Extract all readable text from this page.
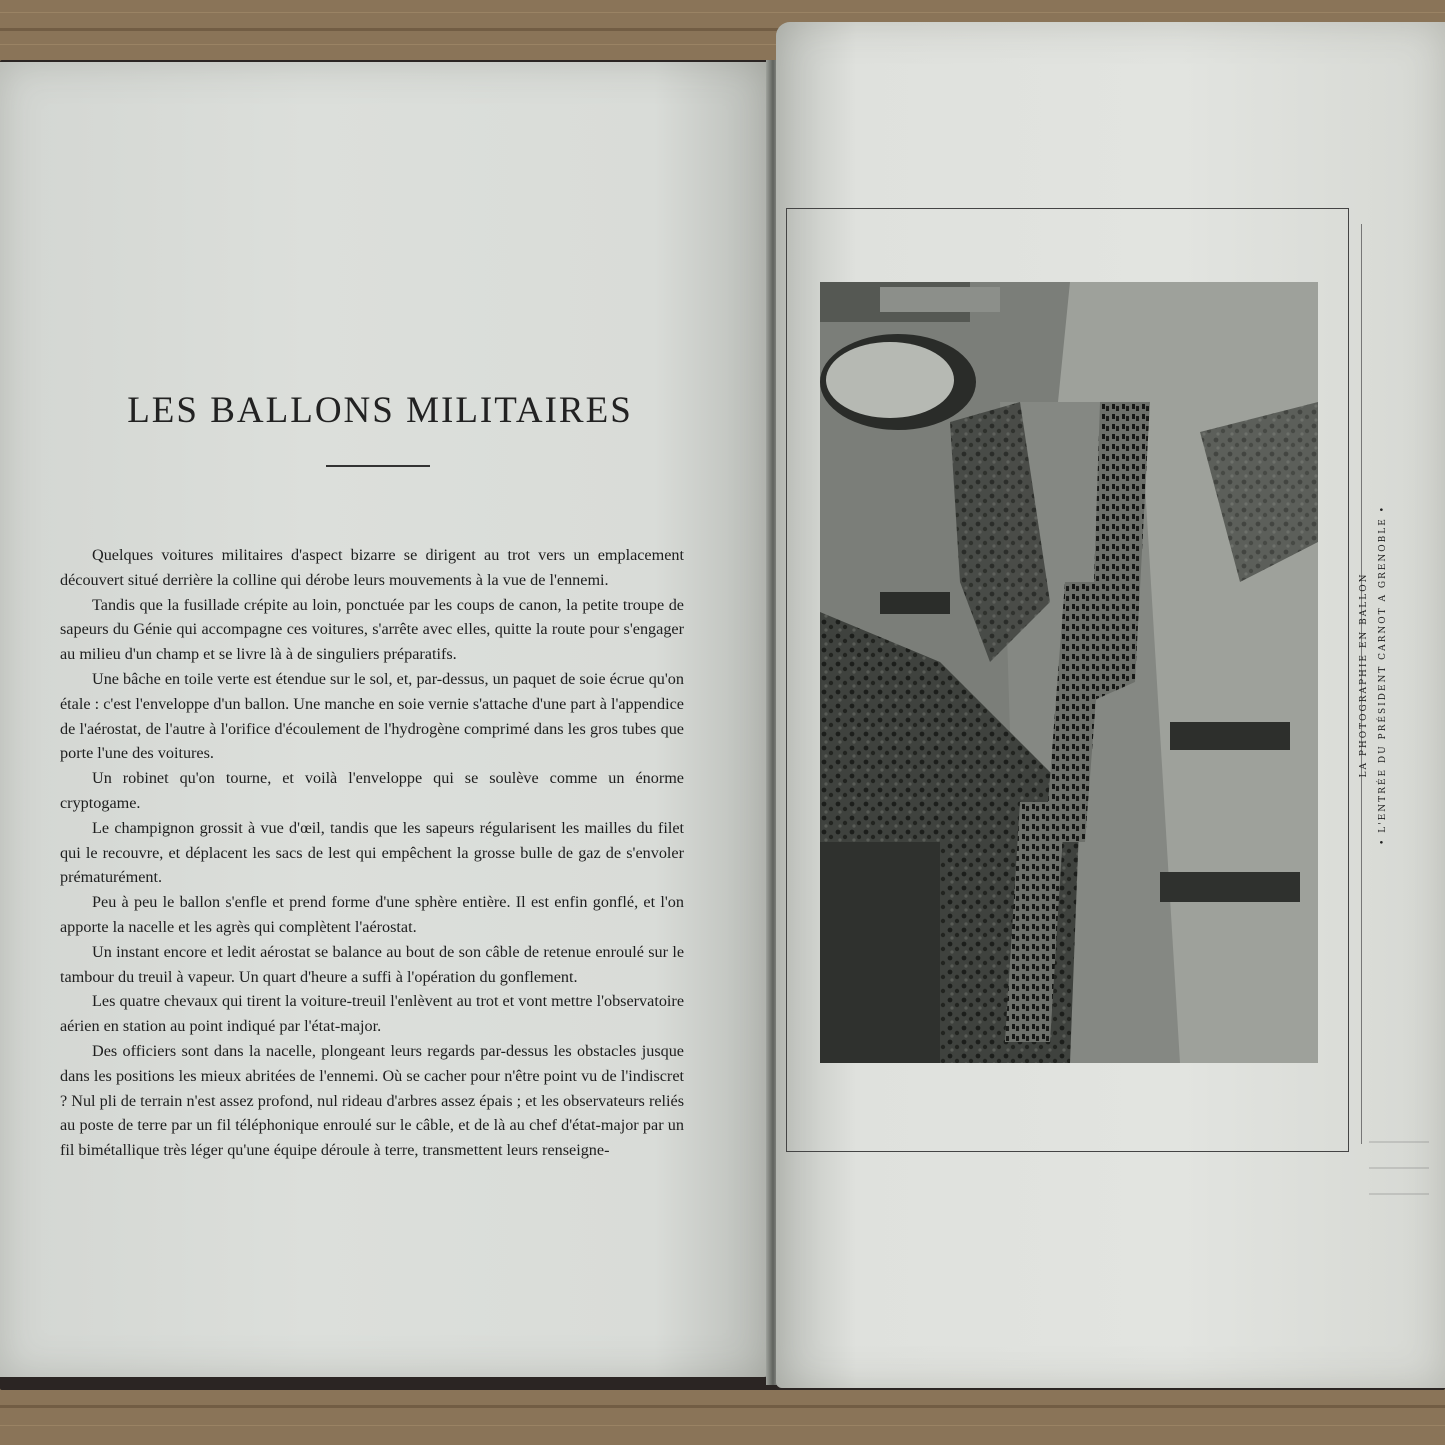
LES BALLONS MILITAIRES

Quelques voitures militaires d'aspect bizarre se dirigent au trot vers un emplacement découvert situé derrière la colline qui dérobe leurs mouvements à la vue de l'ennemi.

Tandis que la fusillade crépite au loin, ponctuée par les coups de canon, la petite troupe de sapeurs du Génie qui accompagne ces voitures, s'arrête avec elles, quitte la route pour s'engager au milieu d'un champ et se livre là à de singuliers préparatifs.

Une bâche en toile verte est étendue sur le sol, et, par-dessus, un paquet de soie écrue qu'on étale : c'est l'enveloppe d'un ballon. Une manche en soie vernie s'attache d'une part à l'appendice de l'aérostat, de l'autre à l'orifice d'écoulement de l'hydrogène comprimé dans les gros tubes que porte l'une des voitures.

Un robinet qu'on tourne, et voilà l'enveloppe qui se soulève comme un énorme cryptogame.

Le champignon grossit à vue d'œil, tandis que les sapeurs régularisent les mailles du filet qui le recouvre, et déplacent les sacs de lest qui empêchent la grosse bulle de gaz de s'envoler prématurément.

Peu à peu le ballon s'enfle et prend forme d'une sphère entière. Il est enfin gonflé, et l'on apporte la nacelle et les agrès qui complètent l'aérostat.

Un instant encore et ledit aérostat se balance au bout de son câble de retenue enroulé sur le tambour du treuil à vapeur. Un quart d'heure a suffi à l'opération du gonflement.

Les quatre chevaux qui tirent la voiture-treuil l'enlèvent au trot et vont mettre l'observatoire aérien en station au point indiqué par l'état-major.

Des officiers sont dans la nacelle, plongeant leurs regards par-dessus les obstacles jusque dans les positions les mieux abritées de l'ennemi. Où se cacher pour n'être point vu de l'indiscret ? Nul pli de terrain n'est assez profond, nul rideau d'arbres assez épais ; et les observateurs reliés au poste de terre par un fil téléphonique enroulé sur le câble, et de là au chef d'état-major par un fil bimétallique très léger qu'une équipe déroule à terre, transmettent leurs renseigne-

LA PHOTOGRAPHIE EN BALLON	• L'ENTRÉE DU PRÉSIDENT CARNOT A GRENOBLE •
